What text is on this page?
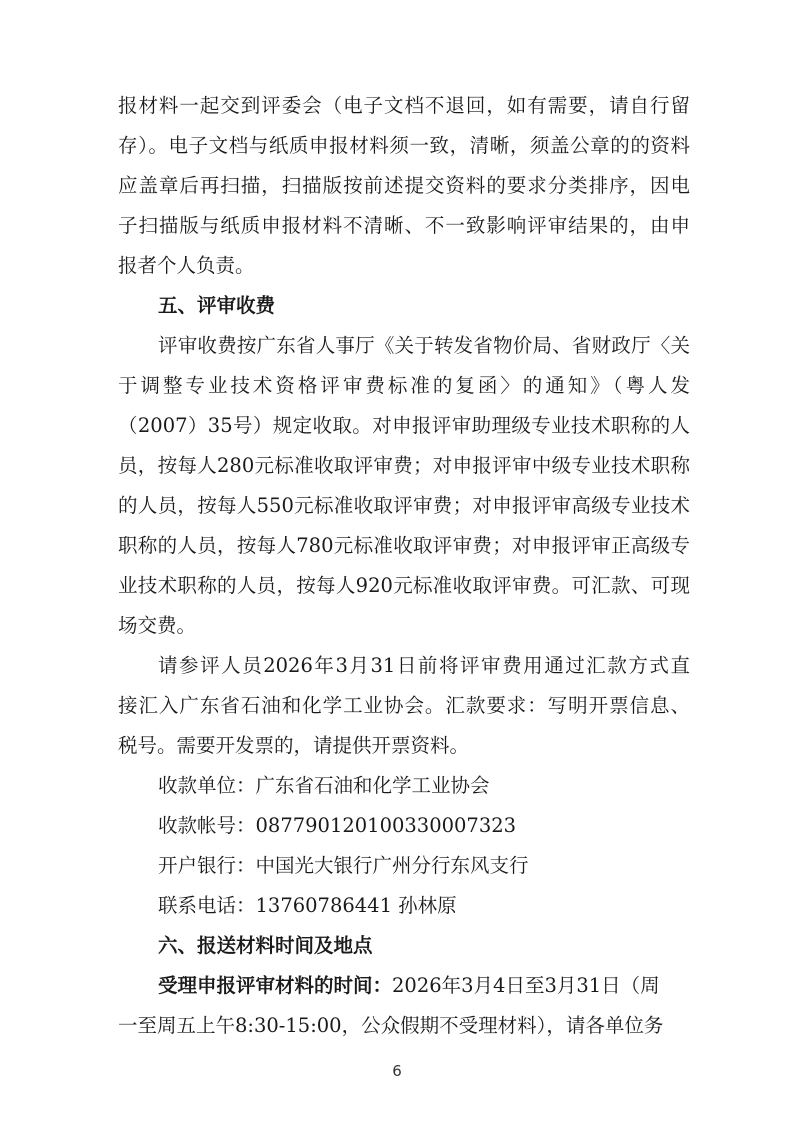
报材料一起交到评委会（电子文档不退回，如有需要，请自行留
存）。电子文档与纸质申报材料须一致，清晰，须盖公章的的资料
应盖章后再扫描，扫描版按前述提交资料的要求分类排序，因电
子扫描版与纸质申报材料不清晰、不一致影响评审结果的，由申
报者个人负责。
五、评审收费
评审收费按广东省人事厅《关于转发省物价局、省财政厅〈关
于调整专业技术资格评审费标准的复函〉的通知》（粤人发
（2007）35号）规定收取。对申报评审助理级专业技术职称的人
员，按每人280元标准收取评审费；对申报评审中级专业技术职称
的人员，按每人550元标准收取评审费；对申报评审高级专业技术
职称的人员，按每人780元标准收取评审费；对申报评审正高级专
业技术职称的人员，按每人920元标准收取评审费。可汇款、可现
场交费。
请参评人员2026年3月31日前将评审费用通过汇款方式直
接汇入广东省石油和化学工业协会。汇款要求：写明开票信息、
税号。需要开发票的，请提供开票资料。
收款单位：广东省石油和化学工业协会
收款帐号：08779012010033000732​3
开户银行：中国光大银行广州分行东风支行
联系电话：13760786441 孙林原
六、报送材料时间及地点
受理申报评审材料的时间：2026年3月4日至3月31日（周
一至周五上午8:30-15:00，公众假期不受理材料），请各单位务
6
